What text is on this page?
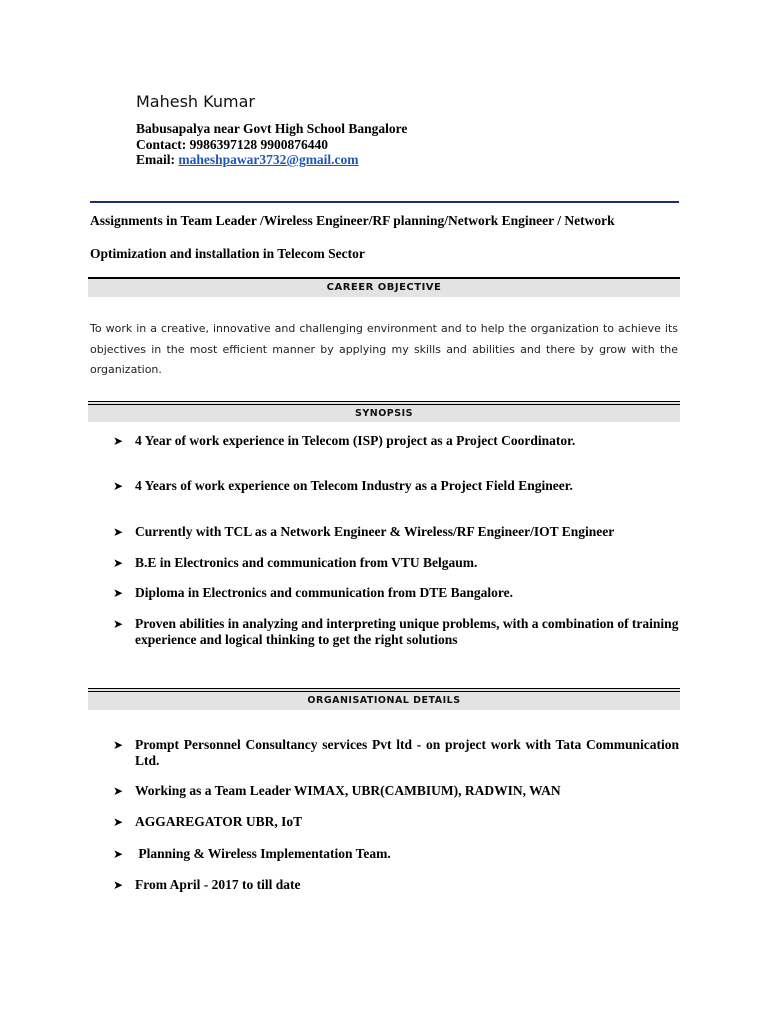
Mahesh Kumar
Babusapalya near Govt High School Bangalore
Contact: 9986397128 9900876440
Email: maheshpawar3732@gmail.com
Assignments in Team Leader /Wireless Engineer/RF planning/Network Engineer / Network
Optimization and installation in Telecom Sector
CAREER OBJECTIVE
To work in a creative, innovative and challenging environment and to help the organization to achieve its objectives in the most efficient manner by applying my skills and abilities and there by grow with the organization.
SYNOPSIS
➤ 4 Year of work experience in Telecom (ISP) project as a Project Coordinator.
➤ 4 Years of work experience on Telecom Industry as a Project Field Engineer.
➤ Currently with TCL as a Network Engineer & Wireless/RF Engineer/IOT Engineer
➤ B.E in Electronics and communication from VTU Belgaum.
➤ Diploma in Electronics and communication from DTE Bangalore.
➤ Proven abilities in analyzing and interpreting unique problems, with a combination of training experience and logical thinking to get the right solutions
ORGANISATIONAL DETAILS
➤ Prompt Personnel Consultancy services Pvt ltd - on project work with Tata Communication Ltd.
➤ Working as a Team Leader WIMAX, UBR(CAMBIUM), RADWIN, WAN
➤ AGGAREGATOR UBR, IoT
➤ Planning & Wireless Implementation Team.
➤ From April - 2017 to till date
